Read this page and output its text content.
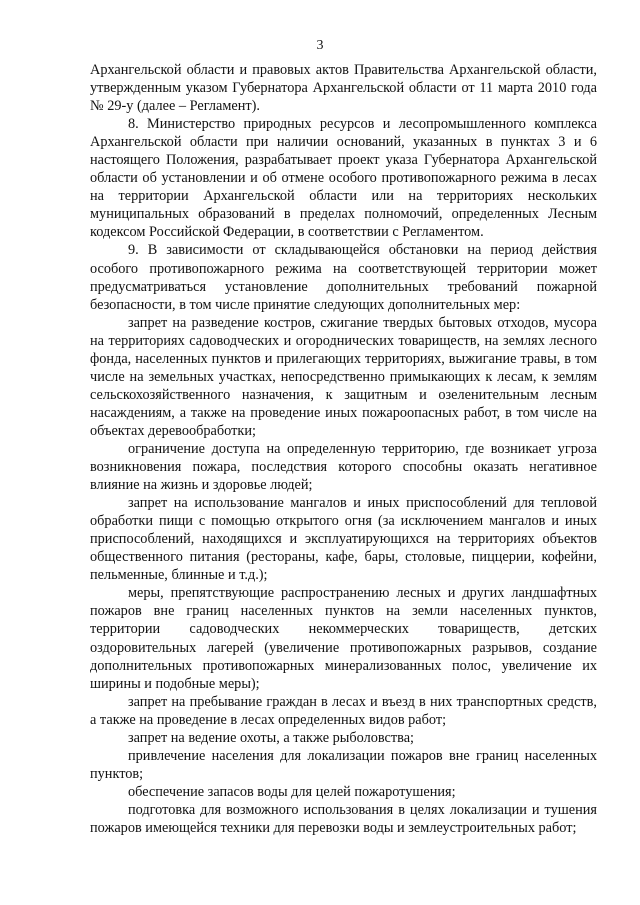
3

Архангельской области и правовых актов Правительства Архангельской области, утвержденным указом Губернатора Архангельской области от 11 марта 2010 года № 29-у (далее – Регламент).

8. Министерство природных ресурсов и лесопромышленного комплекса Архангельской области при наличии оснований, указанных в пунктах 3 и 6 настоящего Положения, разрабатывает проект указа Губернатора Архангельской области об установлении и об отмене особого противопожарного режима в лесах на территории Архангельской области или на территориях нескольких муниципальных образований в пределах полномочий, определенных Лесным кодексом Российской Федерации, в соответствии с Регламентом.

9. В зависимости от складывающейся обстановки на период действия особого противопожарного режима на соответствующей территории может предусматриваться установление дополнительных требований пожарной безопасности, в том числе принятие следующих дополнительных мер:

запрет на разведение костров, сжигание твердых бытовых отходов, мусора на территориях садоводческих и огороднических товариществ, на землях лесного фонда, населенных пунктов и прилегающих территориях, выжигание травы, в том числе на земельных участках, непосредственно примыкающих к лесам, к землям сельскохозяйственного назначения, к защитным и озеленительным лесным насаждениям, а также на проведение иных пожароопасных работ, в том числе на объектах деревообработки;

ограничение доступа на определенную территорию, где возникает угроза возникновения пожара, последствия которого способны оказать негативное влияние на жизнь и здоровье людей;

запрет на использование мангалов и иных приспособлений для тепловой обработки пищи с помощью открытого огня (за исключением мангалов и иных приспособлений, находящихся и эксплуатирующихся на территориях объектов общественного питания (рестораны, кафе, бары, столовые, пиццерии, кофейни, пельменные, блинные и т.д.);

меры, препятствующие распространению лесных и других ландшафтных пожаров вне границ населенных пунктов на земли населенных пунктов, территории садоводческих некоммерческих товариществ, детских оздоровительных лагерей (увеличение противопожарных разрывов, создание дополнительных противопожарных минерализованных полос, увеличение их ширины и подобные меры);

запрет на пребывание граждан в лесах и въезд в них транспортных средств, а также на проведение в лесах определенных видов работ;

запрет на ведение охоты, а также рыболовства;

привлечение населения для локализации пожаров вне границ населенных пунктов;

обеспечение запасов воды для целей пожаротушения;

подготовка для возможного использования в целях локализации и тушения пожаров имеющейся техники для перевозки воды и землеустроительных работ;
